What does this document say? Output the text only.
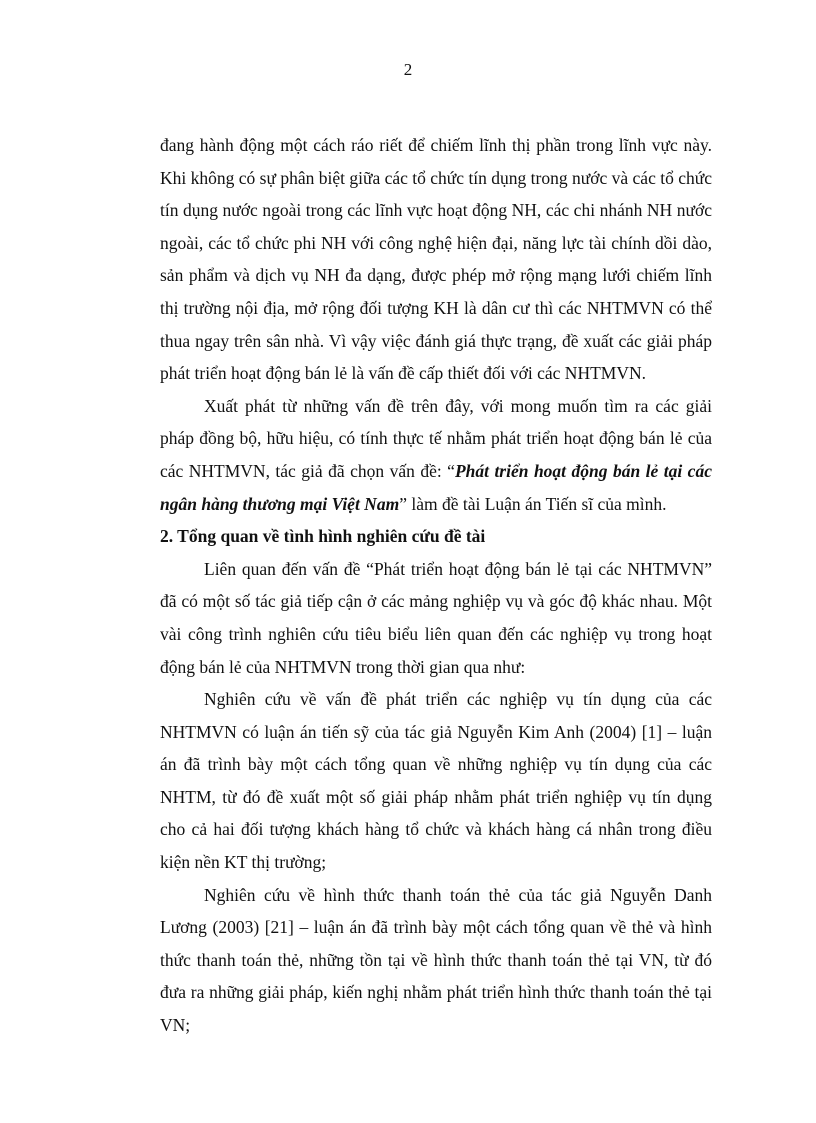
2

đang hành động một cách ráo riết để chiếm lĩnh thị phần trong lĩnh vực này. Khi không có sự phân biệt giữa các tổ chức tín dụng trong nước và các tổ chức tín dụng nước ngoài trong các lĩnh vực hoạt động NH, các chi nhánh NH nước ngoài, các tổ chức phi NH với công nghệ hiện đại, năng lực tài chính dồi dào, sản phẩm và dịch vụ NH đa dạng, được phép mở rộng mạng lưới chiếm lĩnh thị trường nội địa, mở rộng đối tượng KH là dân cư thì các NHTMVN có thể thua ngay trên sân nhà. Vì vậy việc đánh giá thực trạng, đề xuất các giải pháp phát triển hoạt động bán lẻ là vấn đề cấp thiết đối với các NHTMVN.

Xuất phát từ những vấn đề trên đây, với mong muốn tìm ra các giải pháp đồng bộ, hữu hiệu, có tính thực tế nhằm phát triển hoạt động bán lẻ của các NHTMVN, tác giả đã chọn vấn đề: “Phát triển hoạt động bán lẻ tại các ngân hàng thương mại Việt Nam” làm đề tài Luận án Tiến sĩ của mình.

2. Tổng quan về tình hình nghiên cứu đề tài

Liên quan đến vấn đề “Phát triển hoạt động bán lẻ tại các NHTMVN” đã có một số tác giả tiếp cận ở các mảng nghiệp vụ và góc độ khác nhau. Một vài công trình nghiên cứu tiêu biểu liên quan đến các nghiệp vụ trong hoạt động bán lẻ của NHTMVN trong thời gian qua như:

Nghiên cứu về vấn đề phát triển các nghiệp vụ tín dụng của các NHTMVN có luận án tiến sỹ của tác giả Nguyễn Kim Anh (2004) [1] – luận án đã trình bày một cách tổng quan về những nghiệp vụ tín dụng của các NHTM, từ đó đề xuất một số giải pháp nhằm phát triển nghiệp vụ tín dụng cho cả hai đối tượng khách hàng tổ chức và khách hàng cá nhân trong điều kiện nền KT thị trường;

Nghiên cứu về hình thức thanh toán thẻ của tác giả Nguyễn Danh Lương (2003) [21] – luận án đã trình bày một cách tổng quan về thẻ và hình thức thanh toán thẻ, những tồn tại về hình thức thanh toán thẻ tại VN, từ đó đưa ra những giải pháp, kiến nghị nhằm phát triển hình thức thanh toán thẻ tại VN;
